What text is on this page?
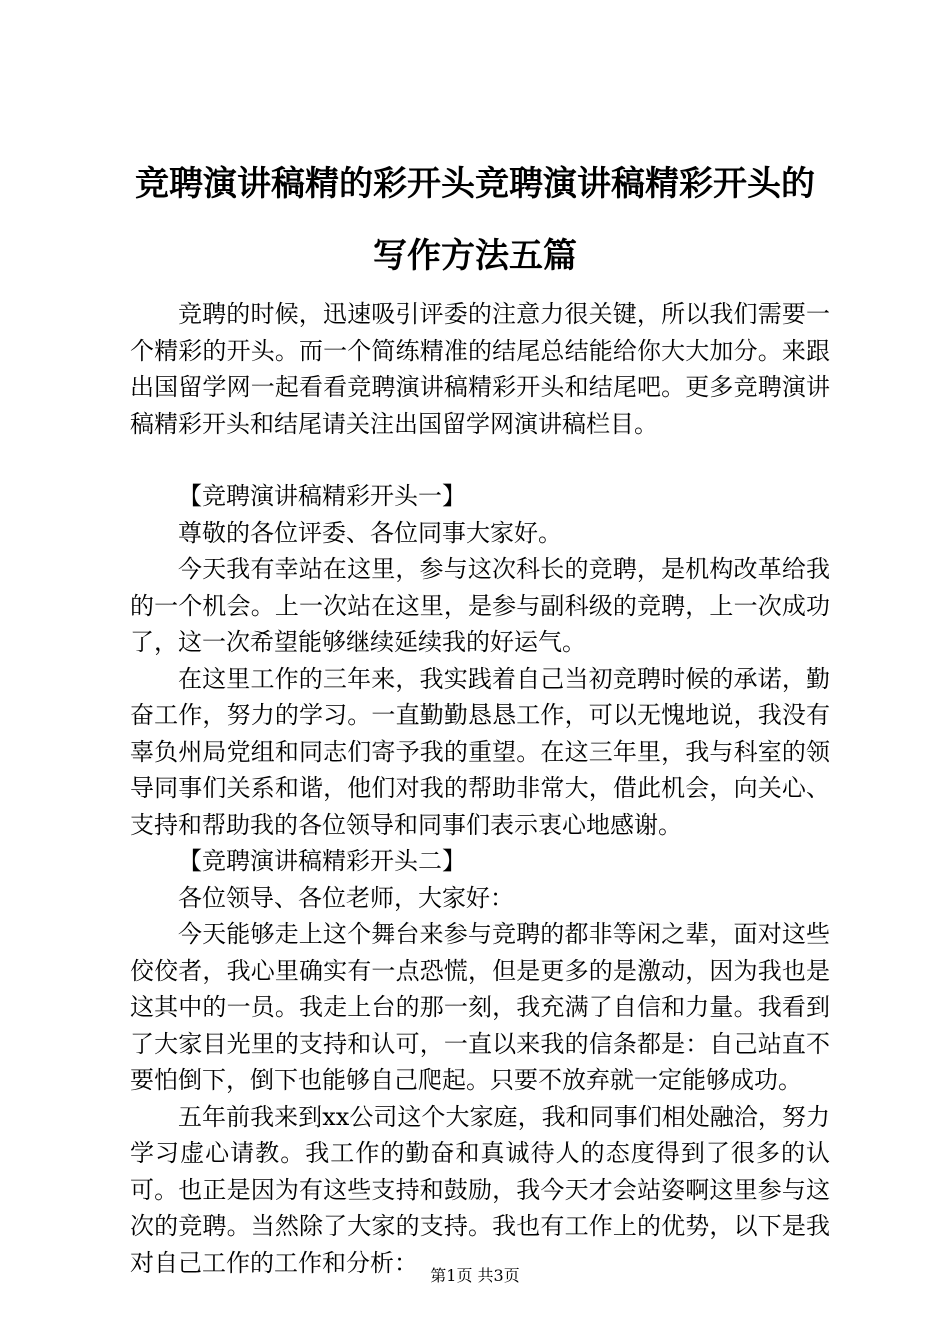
竞聘演讲稿精的彩开头竞聘演讲稿精彩开头的
写作方法五篇

竞聘的时候，迅速吸引评委的注意力很关键，所以我们需要一个精彩的开头。而一个简练精准的结尾总结能给你大大加分。来跟出国留学网一起看看竞聘演讲稿精彩开头和结尾吧。更多竞聘演讲稿精彩开头和结尾请关注出国留学网演讲稿栏目。

【竞聘演讲稿精彩开头一】

尊敬的各位评委、各位同事大家好。

今天我有幸站在这里，参与这次科长的竞聘，是机构改革给我的一个机会。上一次站在这里，是参与副科级的竞聘，上一次成功了，这一次希望能够继续延续我的好运气。

在这里工作的三年来，我实践着自己当初竞聘时候的承诺，勤奋工作，努力的学习。一直勤勤恳恳工作，可以无愧地说，我没有辜负州局党组和同志们寄予我的重望。在这三年里，我与科室的领导同事们关系和谐，他们对我的帮助非常大，借此机会，向关心、支持和帮助我的各位领导和同事们表示衷心地感谢。

【竞聘演讲稿精彩开头二】

各位领导、各位老师，大家好：

今天能够走上这个舞台来参与竞聘的都非等闲之辈，面对这些佼佼者，我心里确实有一点恐慌，但是更多的是激动，因为我也是这其中的一员。我走上台的那一刻，我充满了自信和力量。我看到了大家目光里的支持和认可，一直以来我的信条都是：自己站直不要怕倒下，倒下也能够自己爬起。只要不放弃就一定能够成功。

五年前我来到xx公司这个大家庭，我和同事们相处融洽，努力学习虚心请教。我工作的勤奋和真诚待人的态度得到了很多的认可。也正是因为有这些支持和鼓励，我今天才会站姿啊这里参与这次的竞聘。当然除了大家的支持。我也有工作上的优势，以下是我对自己工作的工作和分析： 第1页 共3页
